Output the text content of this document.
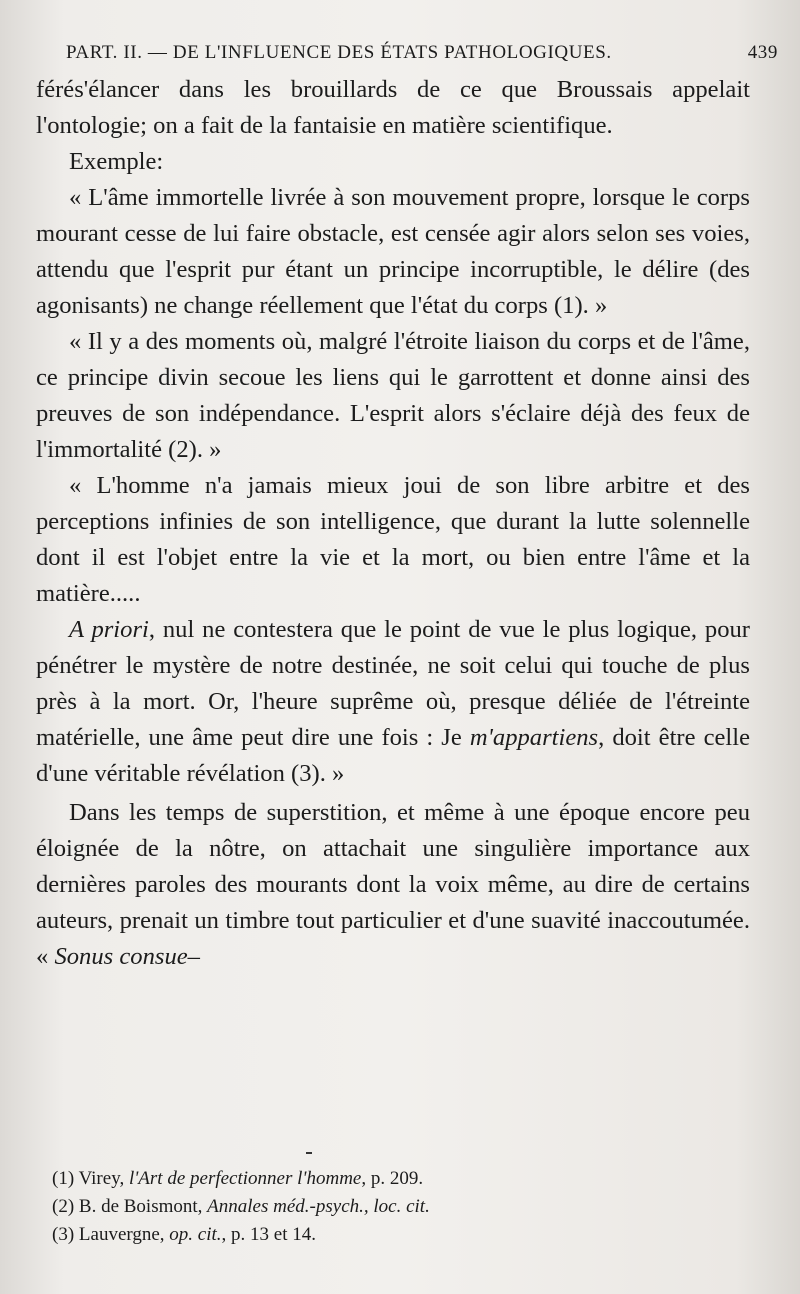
PART. II. — DE L'INFLUENCE DES ÉTATS PATHOLOGIQUES.	439

férés'élancer dans les brouillards de ce que Broussais appelait l'ontologie; on a fait de la fantaisie en matière scientifique.

Exemple:

« L'âme immortelle livrée à son mouvement propre, lorsque le corps mourant cesse de lui faire obstacle, est censée agir alors selon ses voies, attendu que l'esprit pur étant un principe incorruptible, le délire (des agonisants) ne change réellement que l'état du corps (1). »

« Il y a des moments où, malgré l'étroite liaison du corps et de l'âme, ce principe divin secoue les liens qui le garrottent et donne ainsi des preuves de son indépendance. L'esprit alors s'éclaire déjà des feux de l'immortalité (2). »

« L'homme n'a jamais mieux joui de son libre arbitre et des perceptions infinies de son intelligence, que durant la lutte solennelle dont il est l'objet entre la vie et la mort, ou bien entre l'âme et la matière.....

A priori, nul ne contestera que le point de vue le plus logique, pour pénétrer le mystère de notre destinée, ne soit celui qui touche de plus près à la mort. Or, l'heure suprême où, presque déliée de l'étreinte matérielle, une âme peut dire une fois : Je m'appartiens, doit être celle d'une véritable révélation (3). »

Dans les temps de superstition, et même à une époque encore peu éloignée de la nôtre, on attachait une singulière importance aux dernières paroles des mourants dont la voix même, au dire de certains auteurs, prenait un timbre tout particulier et d'une suavité inaccoutumée. « Sonus consue–

(1) Virey, l'Art de perfectionner l'homme, p. 209.
(2) B. de Boismont, Annales méd.-psych., loc. cit.
(3) Lauvergne, op. cit., p. 13 et 14.
